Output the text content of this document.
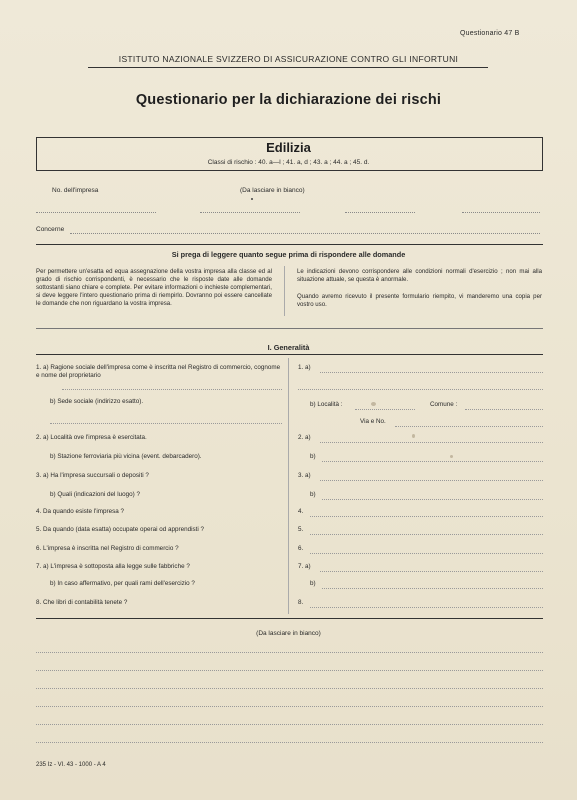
Questionario 47 B
ISTITUTO NAZIONALE SVIZZERO DI ASSICURAZIONE CONTRO GLI INFORTUNI
Questionario per la dichiarazione dei rischi
Edilizia
Classi di rischio : 40. a—l ; 41. a, d ; 43. a ; 44. a ; 45. d.
No. dell'impresa	(Da lasciare in bianco)
Concerne
Si prega di leggere quanto segue prima di rispondere alle domande
Per permettere un'esatta ed equa assegnazione della vostra impresa alla classe ed al grado di rischio corrispondenti, è necessario che le risposte date alle domande sottostanti siano chiare e complete. Per evitare informazioni o inchieste complementari, si deve leggere l'intero questionario prima di riempirlo. Dovranno poi essere cancellate le domande che non riguardano la vostra impresa.
Le indicazioni devono corrispondere alle condizioni normali d'esercizio ; non mai alla situazione attuale, se questa è anormale.
Quando avremo ricevuto il presente formulario riempito, vi manderemo una copia per vostro uso.
I. Generalità
1. a) Ragione sociale dell'impresa come è inscritta nel Registro di commercio, cognome e nome del proprietario
b) Sede sociale (indirizzo esatto).
2. a) Località ove l'impresa è esercitata.
b) Stazione ferroviaria più vicina (event. debarcadero).
3. a) Ha l'impresa succursali o depositi ?
b) Quali (indicazioni del luogo) ?
4. Da quando esiste l'impresa ?
5. Da quando (data esatta) occupate operai od apprendisti ?
6. L'impresa è inscritta nel Registro di commercio ?
7. a) L'impresa è sottoposta alla legge sulle fabbriche ?
b) In caso affermativo, per quali rami dell'esercizio ?
8. Che libri di contabilità tenete ?
1. a)
b) Località :	Comune :
Via e No.
2. a)
b)
3. a)
b)
4.
5.
6.
7. a)
b)
8.
(Da lasciare in bianco)
235 Iz - VI. 43 - 1000 - A 4
